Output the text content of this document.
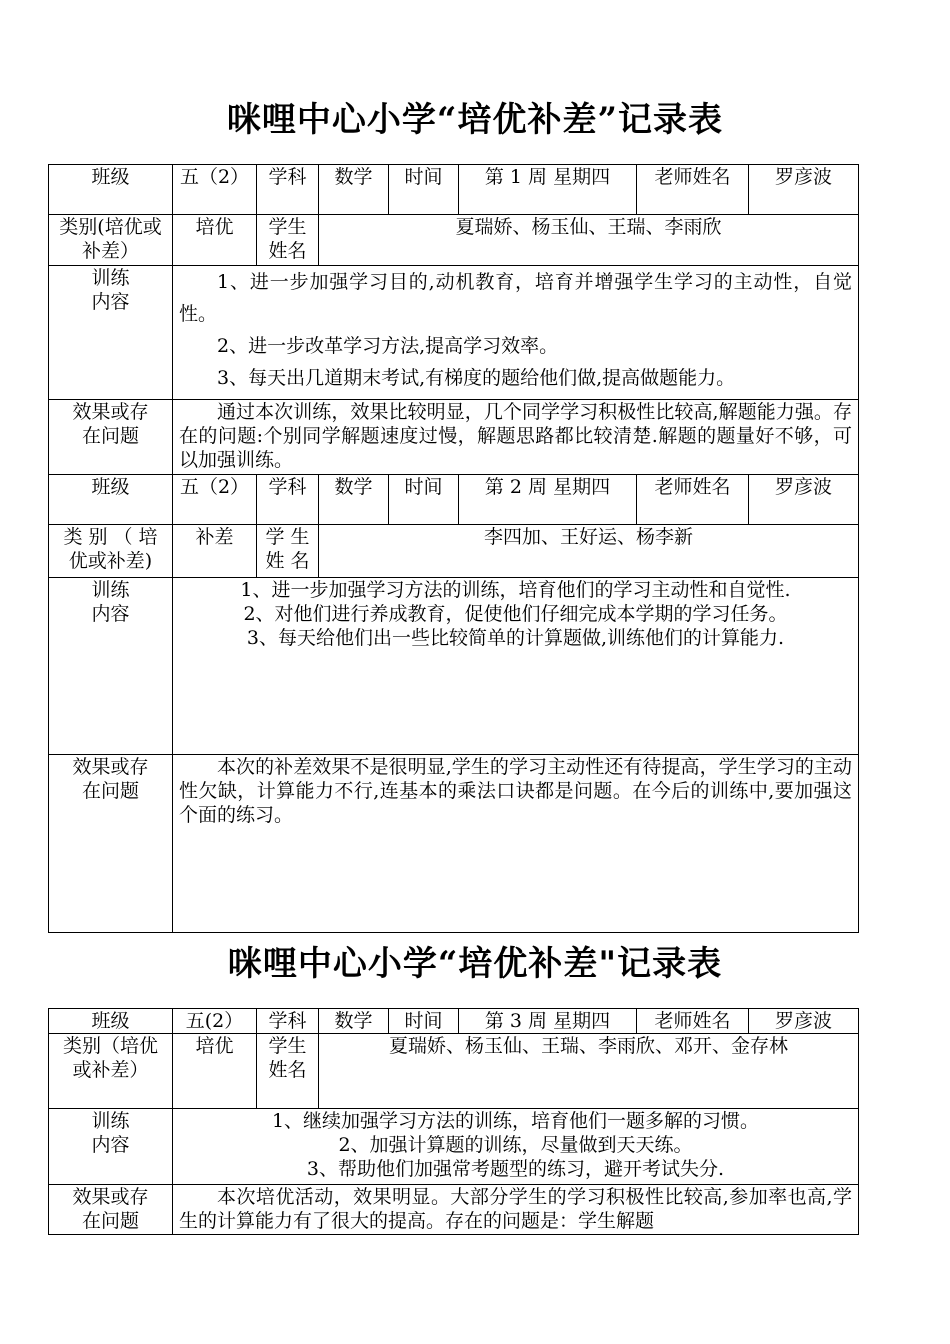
咪哩中心小学“培优补差”记录表
班级	五（2）	学科	数学	时间	第 1 周 星期四	老师姓名	罗彦波
类别(培优或补差）	培优	学生姓名	夏瑞娇、杨玉仙、王瑞、李雨欣				

训练
内容	1、进一步加强学习目的,动机教育，培育并增强学生学习的主动性，自觉性。
2、进一步改革学习方法,提高学习效率。
3、每天出几道期末考试,有梯度的题给他们做,提高做题能力。						

效果或存
在问题	通过本次训练，效果比较明显，几个同学学习积极性比较高,解题能力强。存在的问题:个别同学解题速度过慢，解题思路都比较清楚.解题的题量好不够，可以加强训练。						

班级	五（2）	学科	数学	时间	第 2 周 星期四	老师姓名	罗彦波
类 别 （ 培优或补差)	补差	学 生 姓 名	李四加、王好运、杨李新				

训练
内容	1、进一步加强学习方法的训练，培育他们的学习主动性和自觉性.
2、对他们进行养成教育，促使他们仔细完成本学期的学习任务。
3、每天给他们出一些比较简单的计算题做,训练他们的计算能力.						

效果或存
在问题	本次的补差效果不是很明显,学生的学习主动性还有待提高，学生学习的主动性欠缺，计算能力不行,连基本的乘法口诀都是问题。在今后的训练中,要加强这个面的练习。						
咪哩中心小学“培优补差"记录表
班级	五(2）	学科	数学	时间	第 3 周 星期四	老师姓名	罗彦波
类别（培优或补差）	培优	学生姓名	夏瑞娇、杨玉仙、王瑞、李雨欣、邓开、金存林				

训练
内容	1、继续加强学习方法的训练，培育他们一题多解的习惯。
2、加强计算题的训练，尽量做到天天练。
3、帮助他们加强常考题型的练习，避开考试失分.						

效果或存
在问题	本次培优活动，效果明显。大部分学生的学习积极性比较高,参加率也高,学生的计算能力有了很大的提高。存在的问题是：学生解题						
